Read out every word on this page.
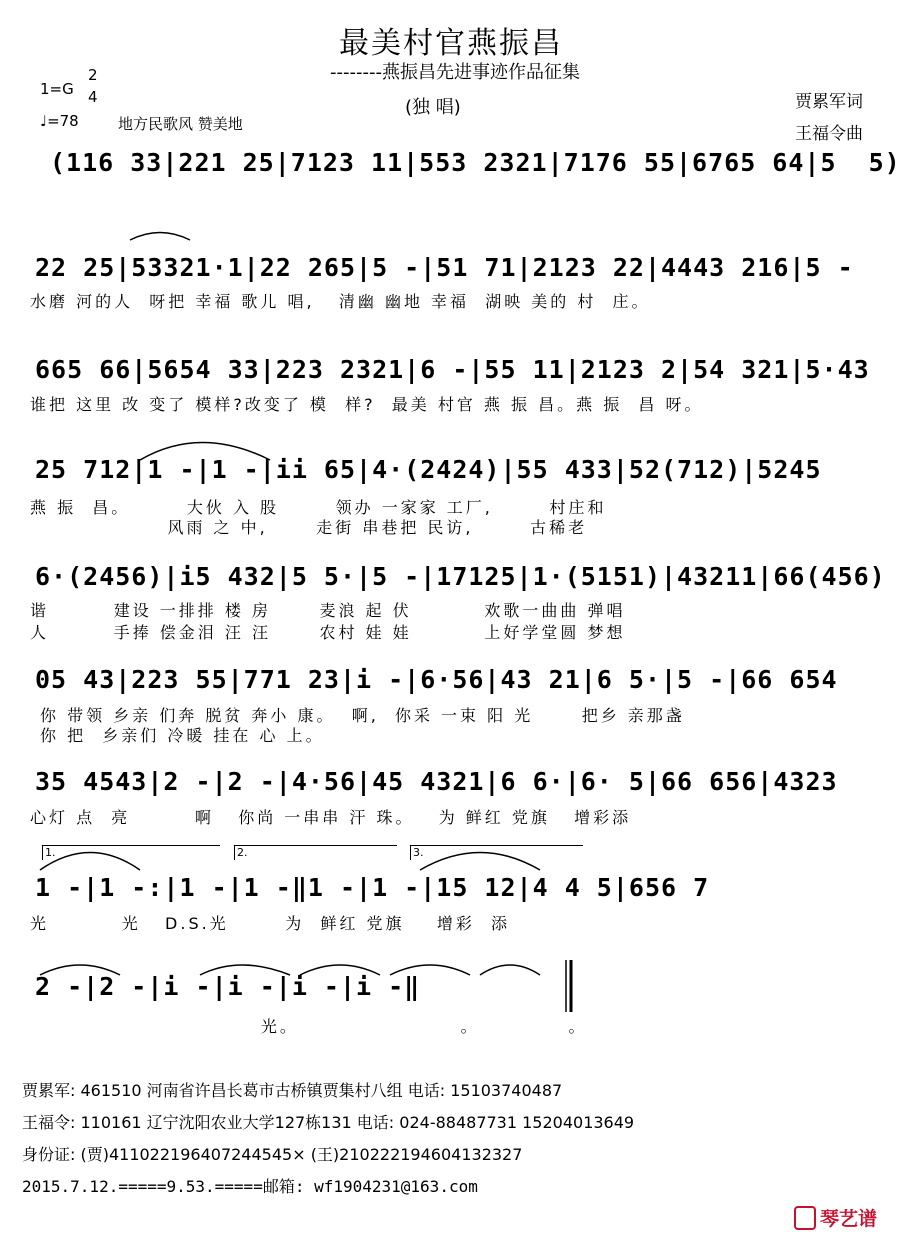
最美村官燕振昌
--------燕振昌先进事迹作品征集
1=G
2
4
♩=78	地方民歌风 赞美地
(独 唱)	贾累军词
王福令曲
(116 33|221 25|7123 11|553 2321|7176 55|6765 64|5  5)
22 25|53321·1|22 265|5 -|51 71|2123 22|4443 216|5 -
水磨 河的人  呀把 幸福 歌儿 唱,   清幽 幽地 幸福  湖映 美的 村  庄。
665 66|5654 33|223 2321|6 -|55 11|2123 2|54 321|5·43
谁把 这里 改 变了 模样?改变了 模  样?  最美 村官 燕 振 昌。燕 振  昌 呀。
25 712|1 -|1 -|ii 65|4·(2424)|55 433|52(712)|5245
燕 振  昌。       大伙 入 股       领办 一家家 工厂,       村庄和
风雨 之 中,      走街 串巷把 民访,       古稀老
6·(2456)|i5 432|5 5·|5 -|17125|1·(5151)|43211|66(456)
谐        建设 一排排 楼 房      麦浪 起 伏         欢歌一曲曲 弹唱
人        手捧 偿金泪 汪 汪      农村 娃 娃         上好学堂圆 梦想
05 43|223 55|771 23|i -|6·56|43 21|6 5·|5 -|66 654
你 带领 乡亲 们奔 脱贫 奔小 康。  啊,  你采 一束 阳 光      把乡 亲那盏
你 把  乡亲们 冷暖 挂在 心 上。
35 4543|2 -|2 -|4·56|45 4321|6 6·|6· 5|66 656|4323
心灯 点  亮        啊   你尚 一串串 汗 珠。   为 鲜红 党旗   增彩添
1.	2.	3.
1 -|1 -:|1 -|1 -‖1 -|1 -|15 12|4 4 5|656 7
光         光   D.S.光       为  鲜红 党旗    增彩  添
2 -|2 -|i -|i -|i -|i -‖
光。                    。           。
贾累军: 461510 河南省许昌长葛市古桥镇贾集村八组 电话: 15103740487
王福令: 110161 辽宁沈阳农业大学127栋131 电话: 024-88487731 15204013649
身份证: (贾)411022196407244545× (王)210222194604132327
2015.7.12.=====9.53.=====邮箱: wf1904231@163.com
琴艺谱
